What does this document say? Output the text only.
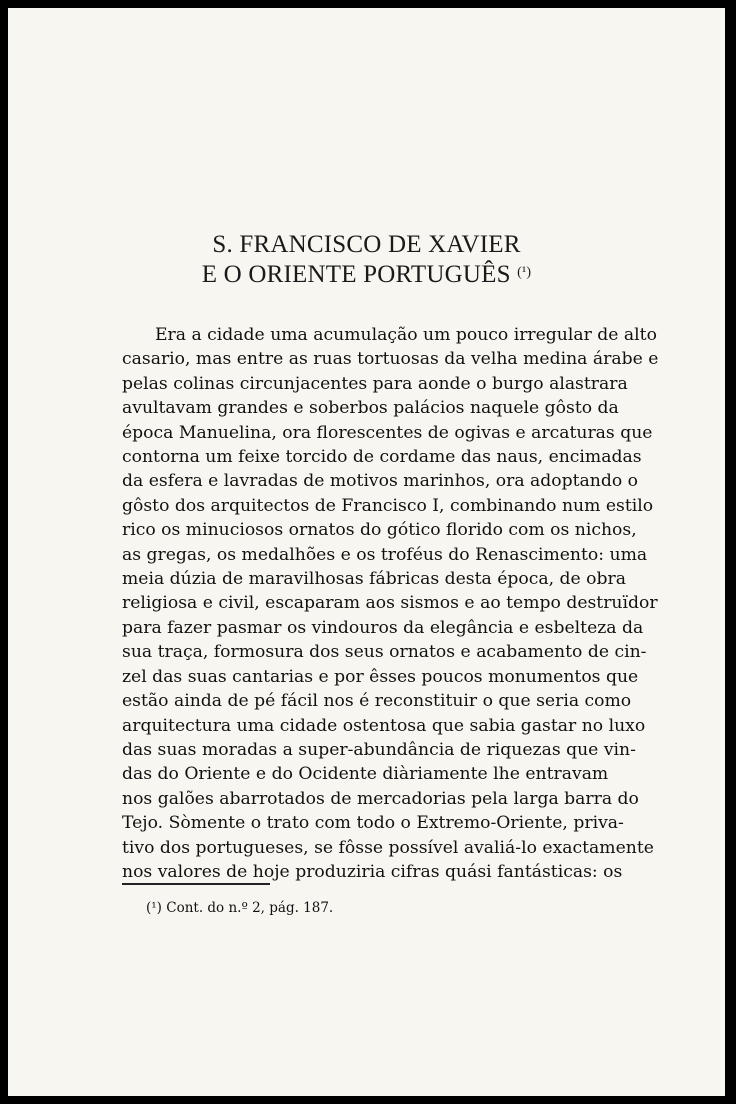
S. FRANCISCO DE XAVIER
E O ORIENTE PORTUGUÊS $^{(^1)}$
Era a cidade uma acumulação um pouco irregular de alto
casario, mas entre as ruas tortuosas da velha medina árabe e
pelas colinas circunjacentes para aonde o burgo alastrara
avultavam grandes e soberbos palácios naquele gôsto da
época Manuelina, ora florescentes de ogivas e arcaturas que
contorna um feixe torcido de cordame das naus, encimadas
da esfera e lavradas de motivos marinhos, ora adoptando o
gôsto dos arquitectos de Francisco I, combinando num estilo
rico os minuciosos ornatos do gótico florido com os nichos,
as gregas, os medalhões e os troféus do Renascimento: uma
meia dúzia de maravilhosas fábricas desta época, de obra
religiosa e civil, escaparam aos sismos e ao tempo destruïdor
para fazer pasmar os vindouros da elegância e esbelteza da
sua traça, formosura dos seus ornatos e acabamento de cin-
zel das suas cantarias e por êsses poucos monumentos que
estão ainda de pé fácil nos é reconstituir o que seria como
arquitectura uma cidade ostentosa que sabia gastar no luxo
das suas moradas a super-abundância de riquezas que vin-
das do Oriente e do Ocidente diàriamente lhe entravam
nos galões abarrotados de mercadorias pela larga barra do
Tejo. Sòmente o trato com todo o Extremo-Oriente, priva-
tivo dos portugueses, se fôsse possível avaliá-lo exactamente
nos valores de hoje produziria cifras quási fantásticas: os
(¹) Cont. do n.º 2, pág. 187.
